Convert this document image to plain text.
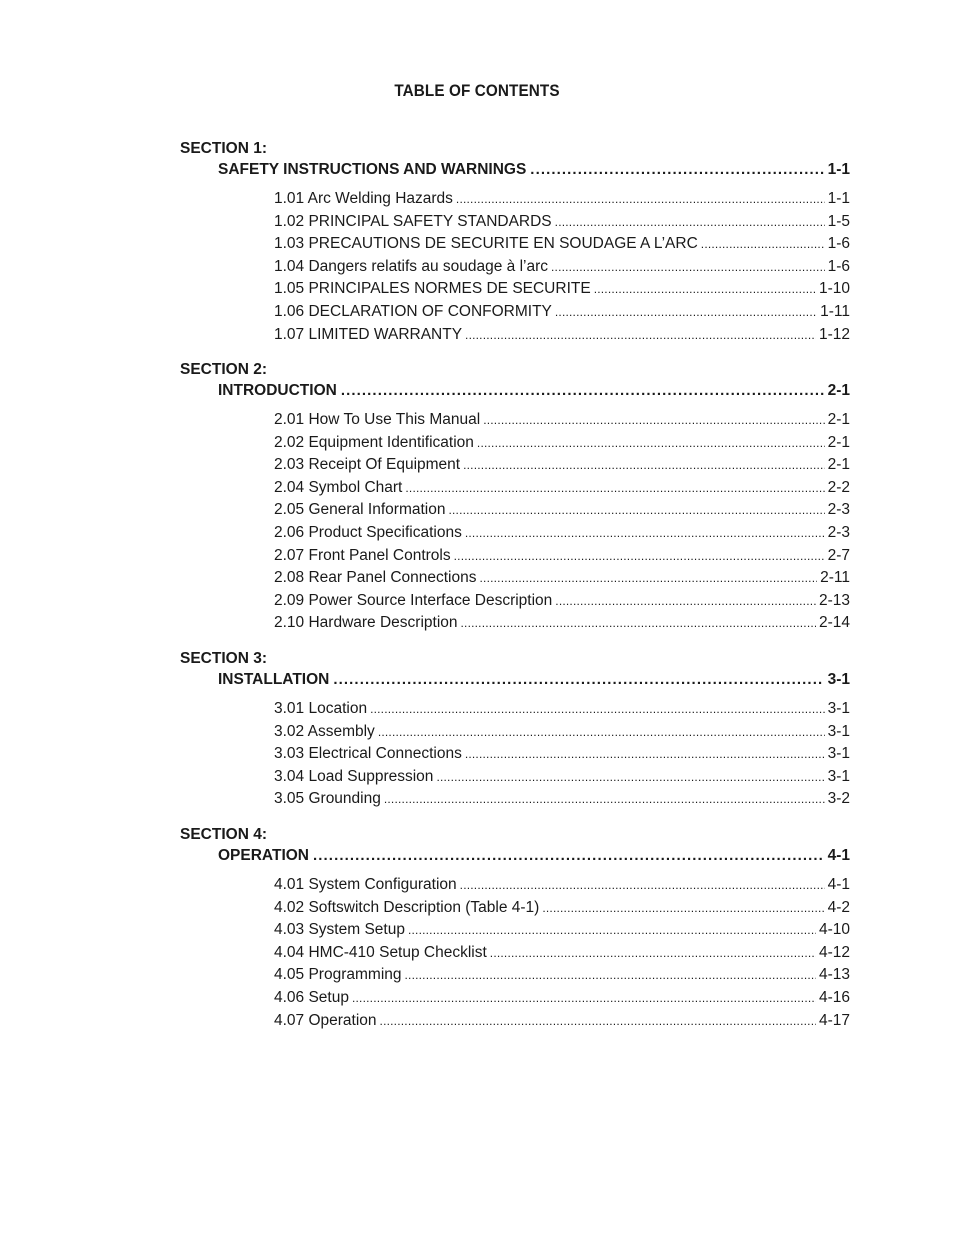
TABLE OF CONTENTS
SECTION 1:
SAFETY INSTRUCTIONS AND WARNINGS .....	1-1
1.01 Arc Welding Hazards .....	1-1
1.02 PRINCIPAL SAFETY STANDARDS .....	1-5
1.03 PRECAUTIONS DE SECURITE EN SOUDAGE A L’ARC .....	1-6
1.04 Dangers relatifs au soudage à l’arc .....	1-6
1.05 PRINCIPALES NORMES DE SECURITE .....	1-10
1.06 DECLARATION OF CONFORMITY .....	1-11
1.07 LIMITED WARRANTY .....	1-12
SECTION 2:
INTRODUCTION .....	2-1
2.01 How To Use This Manual .....	2-1
2.02 Equipment Identification .....	2-1
2.03 Receipt Of Equipment .....	2-1
2.04 Symbol Chart .....	2-2
2.05 General Information .....	2-3
2.06 Product Specifications .....	2-3
2.07 Front Panel Controls .....	2-7
2.08 Rear Panel Connections .....	2-11
2.09 Power Source Interface Description .....	2-13
2.10 Hardware Description .....	2-14
SECTION 3:
INSTALLATION .....	3-1
3.01 Location .....	3-1
3.02 Assembly .....	3-1
3.03 Electrical Connections .....	3-1
3.04 Load Suppression .....	3-1
3.05 Grounding .....	3-2
SECTION 4:
OPERATION .....	4-1
4.01 System Configuration .....	4-1
4.02 Softswitch Description (Table 4-1) .....	4-2
4.03 System Setup .....	4-10
4.04 HMC-410 Setup Checklist .....	4-12
4.05 Programming .....	4-13
4.06 Setup .....	4-16
4.07 Operation .....	4-17
